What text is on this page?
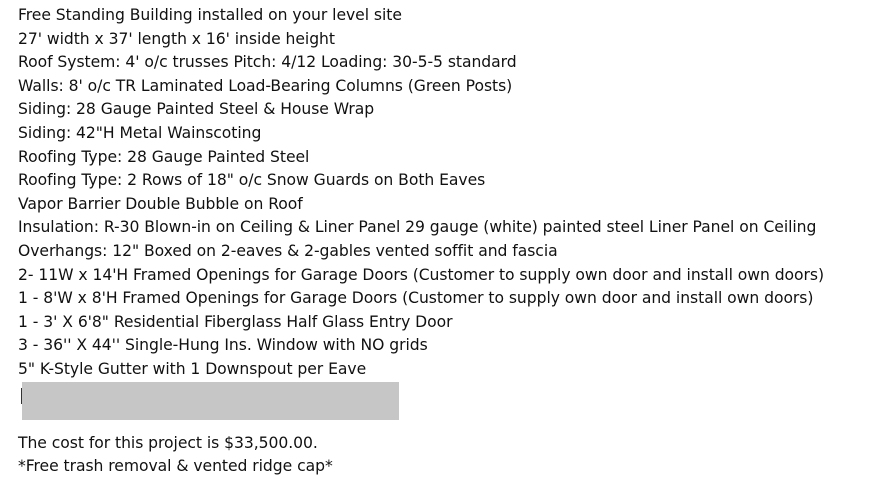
Free Standing Building installed on your level site
27' width x 37' length x 16' inside height
Roof System: 4' o/c trusses Pitch: 4/12 Loading: 30-5-5 standard
Walls: 8' o/c TR Laminated Load-Bearing Columns (Green Posts)
Siding: 28 Gauge Painted Steel & House Wrap
Siding: 42"H Metal Wainscoting
Roofing Type: 28 Gauge Painted Steel
Roofing Type: 2 Rows of 18" o/c Snow Guards on Both Eaves
Vapor Barrier Double Bubble on Roof
Insulation: R-30 Blown-in on Ceiling & Liner Panel 29 gauge (white) painted steel Liner Panel on Ceiling
Overhangs: 12" Boxed on 2-eaves & 2-gables vented soffit and fascia
2- 11W x 14'H Framed Openings for Garage Doors (Customer to supply own door and install own doors)
1 - 8'W x 8'H Framed Openings for Garage Doors (Customer to supply own door and install own doors)
1 - 3' X 6'8" Residential Fiberglass Half Glass Entry Door
3 - 36'' X 44'' Single-Hung Ins. Window with NO grids
5" K-Style Gutter with 1 Downspout per Eave
The cost for this project is $33,500.00.
*Free trash removal & vented ridge cap*
